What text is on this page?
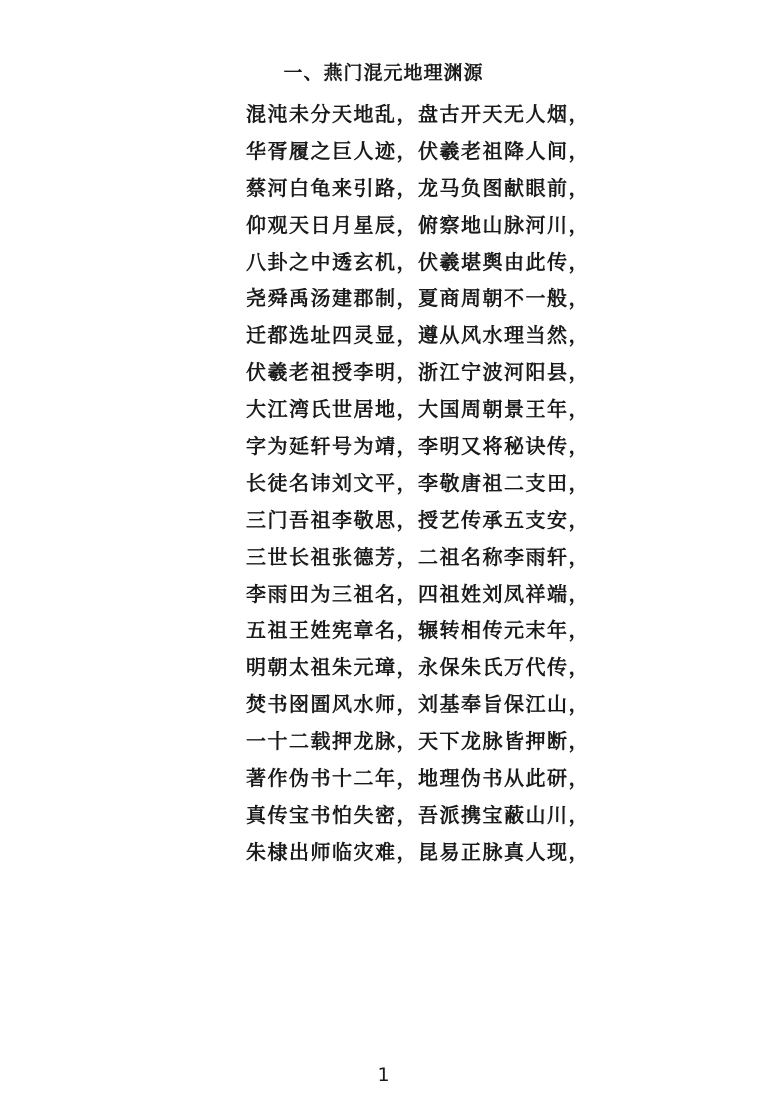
一、燕门混元地理渊源
混沌未分天地乱，盘古开天无人烟，
华胥履之巨人迹，伏羲老祖降人间，
蔡河白龟来引路，龙马负图献眼前，
仰观天日月星辰，俯察地山脉河川，
八卦之中透玄机，伏羲堪舆由此传，
尧舜禹汤建郡制，夏商周朝不一般，
迁都选址四灵显，遵从风水理当然，
伏羲老祖授李明，浙江宁波河阳县，
大江湾氏世居地，大国周朝景王年，
字为延轩号为靖，李明又将秘诀传，
长徒名讳刘文平，李敬唐祖二支田，
三门吾祖李敬思，授艺传承五支安，
三世长祖张德芳，二祖名称李雨轩，
李雨田为三祖名，四祖姓刘凤祥端，
五祖王姓宪章名，辗转相传元末年，
明朝太祖朱元璋，永保朱氏万代传，
焚书囹圄风水师，刘基奉旨保江山，
一十二载押龙脉，天下龙脉皆押断，
著作伪书十二年，地理伪书从此研，
真传宝书怕失密，吾派携宝蔽山川，
朱棣出师临灾难，昆易正脉真人现，
1
